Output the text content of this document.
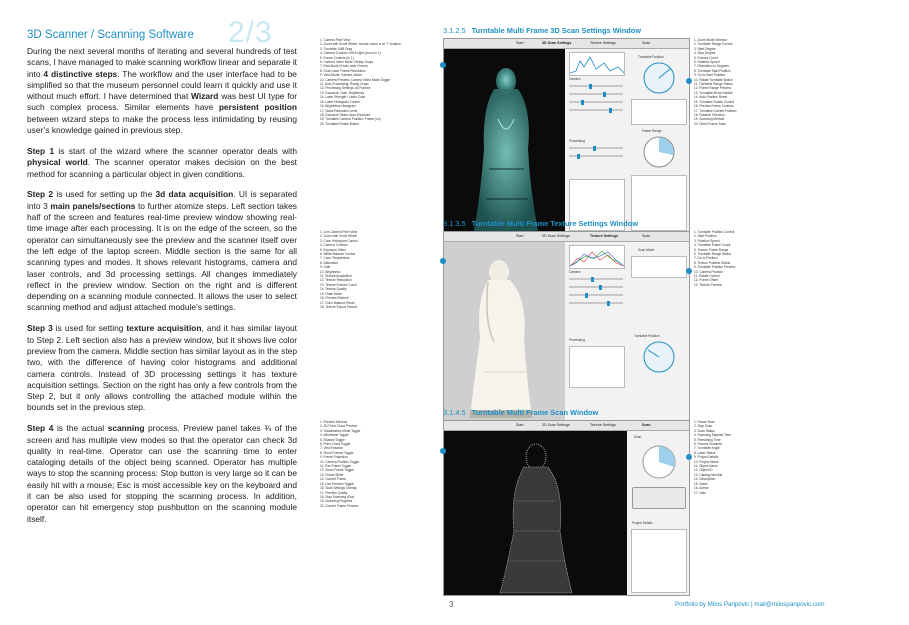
3D Scanner / Scanning Software 2/3

During the next several months of iterating and several hundreds of test scans, I have managed to make scanning workflow linear and separate it into 4 distinctive steps. The workflow and the user interface had to be simplified so that the museum personnel could learn it quickly and use it without much effort. I have determined that Wizard was best UI type for such complex process. Similar elements have persistent position between wizard steps to make the process less intimidating by reusing user’s knowledge gained in previous step.

Step 1 is start of the wizard where the scanner operator deals with physical world. The scanner operator makes decision on the best method for scanning a particular object in given conditions.

Step 2 is used for setting up the 3d data acquisition. UI is separated into 3 main panels/sections to further atomize steps. Left section takes half of the screen and features real-time preview window showing real-time image after each processing. It is on the edge of the screen, so the operator can simultaneously see the preview and the scanner itself over the left edge of the laptop screen. Middle section is the same for all scanning types and modes. It shows relevant histograms, camera and laser controls, and 3d processing settings. All changes immediately reflect in the preview window. Section on the right and is different depending on a scanning module connected. It allows the user to select scanning method and adjust attached module’s settings.

Step 3 is used for setting texture acquisition, and it has similar layout to Step 2. Left section also has a preview window, but it shows live color preview from the camera. Middle section has similar layout as in the step two, with the difference of having color histograms and additional camera controls. Instead of 3D processing settings it has texture acquisition settings. Section on the right has only a few controls from the Step 2, but it only allows controlling the attached module within the bounds set in the previous step.

Step 4 is the actual scanning process. Preview panel takes ¾ of the screen and has multiple view modes so that the operator can check 3d quality in real-time. Operator can use the scanning time to enter cataloging details of the object being scanned. Operator has multiple ways to stop the scanning process: Stop button is very large so it can be easily hit with a mouse; Esc is most accessible key on the keyboard and it can be also used for stopping the scanning process. In addition, operator can hit emergency stop pushbutton on the scanning module itself.

3.1.2.5 Turntable Multi Frame 3D Scan Settings Window
1. Camera Pixel View
2. Zoom with Scroll Wheel: mouse cursor is at '+' location
3. Turntable LMB Drag
4. Camera Controls: left & right (zoom in 1)
5. Frame Controls (in 1)
6. Camera Video Mode: Ready Grays
7. Fast Mode (Grab Laser Frame)
8. Grab Laser Frame Resolution
9. View Mode: Camera Vision
10. Camera Preview: Camera Video Mode Toggle
11. Auto-Processing: Ready Grays
12. Processing Settings: All Frames
13. Exposure, Gain, Brightness
14. Laser Strength / Laser Color
15. Laser Histogram Control
16. Brightness Histogram
17. Noise Reduction Level
18. Exposure Slider: Auto Exposure
19. Turntable Camera Position: Frame (on)
20. Turntable Rotate Button
Start	3D Scan Settings	Texture Settings	Scan
Camera
Processing
Turntable Position
Frame Range
1. Zoom Mode Selector
2. Turntable Range Control
3. Start Degree
4. Stop Degree
5. Frames Count
6. Rotation Speed
7. Resolution in Degrees
8. Turntable Start Position
9. Go to Start Position
10. Rotate Turntable Button
11. Turntable Range Status
12. Frame Range Preview
13. Turntable Arrow Handle
14. Auto Position Reset
15. Turntable Rotate Control
16. Preview Frame Controls
17. Turntable Current Position
18. Rotation Direction
19. Scanning Method
20. Direct Frame Scan
3.1.3.5 Turntable Multi Frame Texture Settings Window
1. Live Camera Pixel View
2. Zoom with Scroll Wheel
3. Color Histogram Control
4. Camera Controls
5. Exposure Slider
6. White Balance Control
7. Color Temperature
8. Saturation
9. Gain
10. Brightness
11. Texture Acquisition
12. Texture Resolution
13. Texture Frames Count
14. Texture Quality
15. Flash Mode
16. Preview Refresh
17. Color Balance Reset
18. Texture Export Format
Start	3D Scan Settings	Texture Settings	Scan
Camera
Processing
Scan Mode
Turntable Position
1. Turntable Position Control
2. Start Position
3. Rotation Speed
4. Turntable Frame Count
5. Texture Frame Range
6. Turntable Range Status
7. Go to Position
8. Texture Position Status
9. Turntable Position Preview
10. Camera Position
11. Rotate Control
12. Frame Offset
13. Texture Preview
3.1.4.5 Turntable Multi Frame Scan Window
1. Preview Window
2. 3D Point Cloud Preview
3. Visualization Mode Toggle
4. Wireframe Toggle
5. Shaded Toggle
6. Point Cloud Toggle
7. View Rotation
8. Show Frames Toggle
9. Frame Projection
10. Camera Position Toggle
11. Pan Frame Toggle
12. Zoom Frame Toggle
13. Frame Slider
14. Current Frame
15. Live Preview Toggle
16. Scan Settings Overlay
17. Preview Quality
18. Stop Scanning (Esc)
19. Scanning Progress
20. Current Frame Preview
Start	3D Scan Settings	Texture Settings	Scan
Scan
Project Details
1. Pause Scan
2. Stop Scan
3. Scan Status
4. Scanning Elapsed Time
5. Remaining Time
6. Frames Scanned
7. Turntable Angle
8. Laser Status
9. Project Details
10. Project Name
11. Object Name
12. Object ID
13. Catalog Number
14. Description
15. Notes
16. Author
17. Date
3	Portfolio by Milos Paripovic | mail@milosparipovic.com
